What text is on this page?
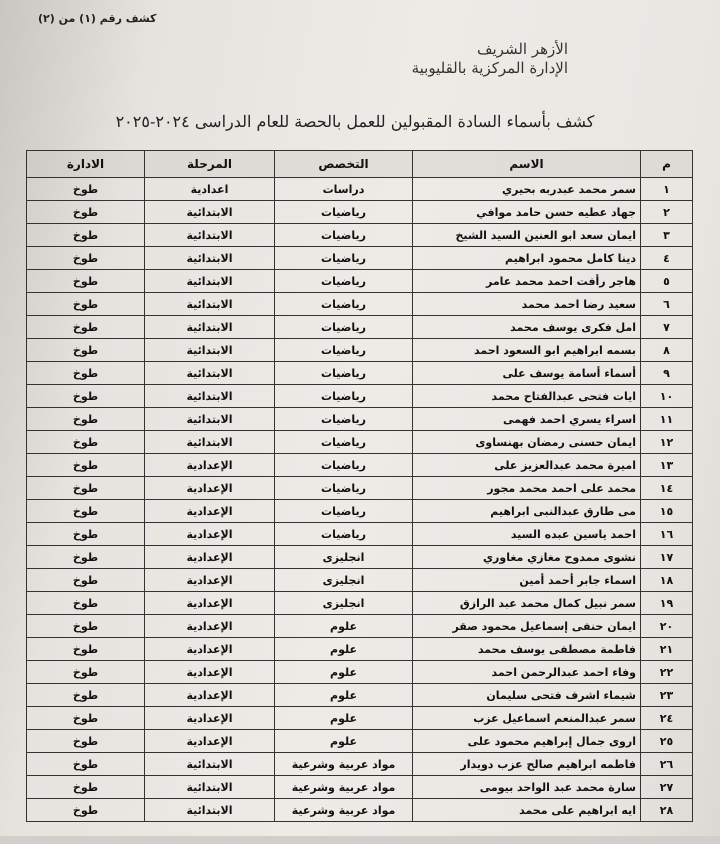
كشف رقم (١) من (٢)
الأزهر الشريف
الإدارة المركزية بالقليوبية
كشف بأسماء السادة المقبولين للعمل بالحصة للعام الدراسى ٢٠٢٤-٢٠٢٥
م	الاسم	التخصص	المرحلة	الادارة
١	سمر محمد عبدربه بحيري	دراسات	اعدادية	طوخ
٢	جهاد عطيه حسن حامد موافي	رياضيات	الابتدائية	طوخ
٣	ايمان سعد ابو العنين السيد الشيخ	رياضيات	الابتدائية	طوخ
٤	دينا كامل محمود ابراهيم	رياضيات	الابتدائية	طوخ
٥	هاجر رأفت احمد محمد عامر	رياضيات	الابتدائية	طوخ
٦	سعيد رضا احمد محمد	رياضيات	الابتدائية	طوخ
٧	امل فكرى يوسف محمد	رياضيات	الابتدائية	طوخ
٨	بسمه ابراهيم ابو السعود احمد	رياضيات	الابتدائية	طوخ
٩	أسماء أسامة يوسف على	رياضيات	الابتدائية	طوخ
١٠	ايات فتحى عبدالفتاح محمد	رياضيات	الابتدائية	طوخ
١١	اسراء يسري احمد فهمى	رياضيات	الابتدائية	طوخ
١٢	ايمان حسنى رمضان بهنساوى	رياضيات	الابتدائية	طوخ
١٣	اميرة محمد عبدالعزيز على	رياضيات	الإعدادية	طوخ
١٤	محمد على احمد محمد مجور	رياضيات	الإعدادية	طوخ
١٥	مى طارق عبدالنبى ابراهيم	رياضيات	الإعدادية	طوخ
١٦	احمد ياسين عبده السيد	رياضيات	الإعدادية	طوخ
١٧	نشوى ممدوح مغازي مغاوري	انجليزى	الإعدادية	طوخ
١٨	اسماء جابر أحمد أمين	انجليزى	الإعدادية	طوخ
١٩	سمر نبيل كمال محمد عبد الرازق	انجليزى	الإعدادية	طوخ
٢٠	ايمان حنفى إسماعيل محمود صقر	علوم	الإعدادية	طوخ
٢١	فاطمة مصطفى يوسف محمد	علوم	الإعدادية	طوخ
٢٢	وفاء احمد عبدالرحمن احمد	علوم	الإعدادية	طوخ
٢٣	شيماء اشرف فتحى سليمان	علوم	الإعدادية	طوخ
٢٤	سمر عبدالمنعم اسماعيل عزب	علوم	الإعدادية	طوخ
٢٥	اروى جمال إبراهيم محمود على	علوم	الإعدادية	طوخ
٢٦	فاطمه ابراهيم صالح عزب دويدار	مواد عربية وشرعية	الابتدائية	طوخ
٢٧	سارة محمد عبد الواحد بيومى	مواد عربية وشرعية	الابتدائية	طوخ
٢٨	ايه ابراهيم على محمد	مواد عربية وشرعية	الابتدائية	طوخ
